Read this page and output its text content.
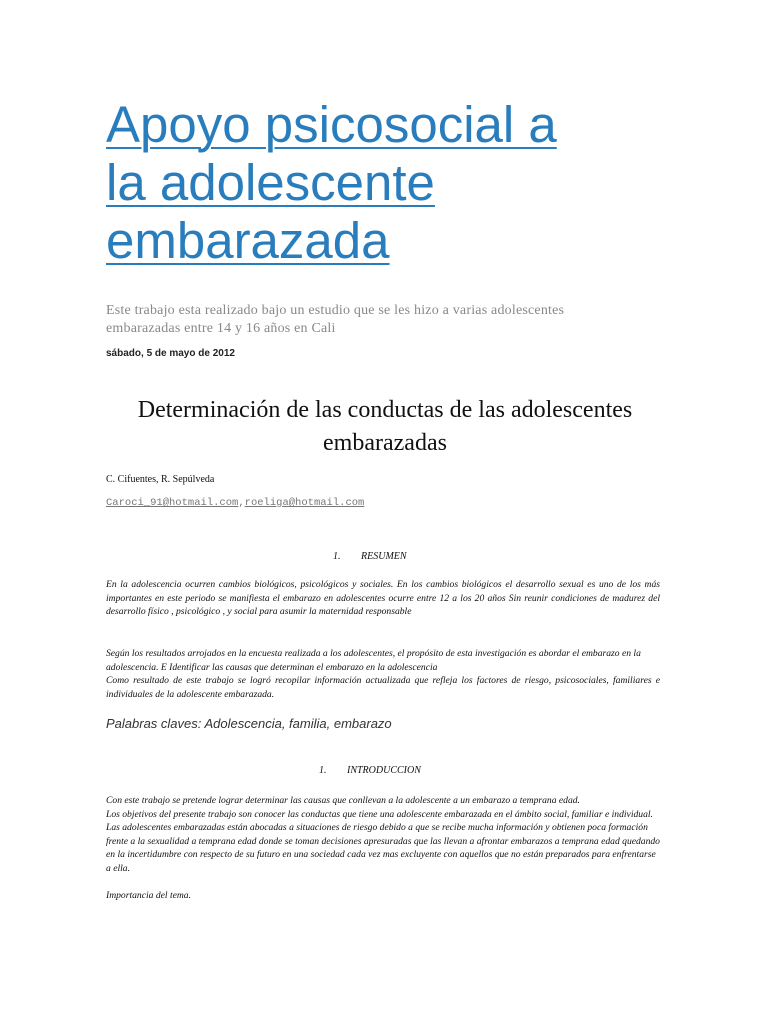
Apoyo psicosocial a
la adolescente
embarazada

Este trabajo esta realizado bajo un estudio que se les hizo a varias adolescentes embarazadas entre 14 y 16 años en Cali

sábado, 5 de mayo de 2012

Determinación de las conductas de las adolescentes embarazadas

C. Cifuentes, R. Sepúlveda

Caroci_91@hotmail.com,roeliga@hotmail.com

1. RESUMEN

En la adolescencia ocurren cambios biológicos, psicológicos y sociales. En los cambios biológicos el desarrollo sexual es uno de los más importantes en este periodo se manifiesta el embarazo en adolescentes ocurre entre 12 a los 20 años Sin reunir condiciones de madurez del desarrollo físico , psicológico , y social para asumir la maternidad responsable

Según los resultados arrojados en la encuesta realizada a los adolescentes, el propósito de esta investigación es abordar el embarazo en la adolescencia. E Identificar las causas que determinan el embarazo en la adolescencia

Como resultado de este trabajo se logró recopilar información actualizada que refleja los factores de riesgo, psicosociales, familiares e individuales de la adolescente embarazada.

Palabras claves: Adolescencia, familia, embarazo

1. INTRODUCCION

Con este trabajo se pretende lograr determinar las causas que conllevan a la adolescente a un embarazo a temprana edad.
Los objetivos del presente trabajo son conocer las conductas que tiene una adolescente embarazada en el ámbito social, familiar e individual.
Las adolescentes embarazadas están abocadas a situaciones de riesgo debido a que se recibe mucha información y obtienen poca formación frente a la sexualidad a temprana edad donde se toman decisiones apresuradas que las llevan a afrontar embarazos a temprana edad quedando en la incertidumbre con respecto de su futuro en una sociedad cada vez mas excluyente con aquellos que no están preparados para enfrentarse a ella.
Importancia del tema.
